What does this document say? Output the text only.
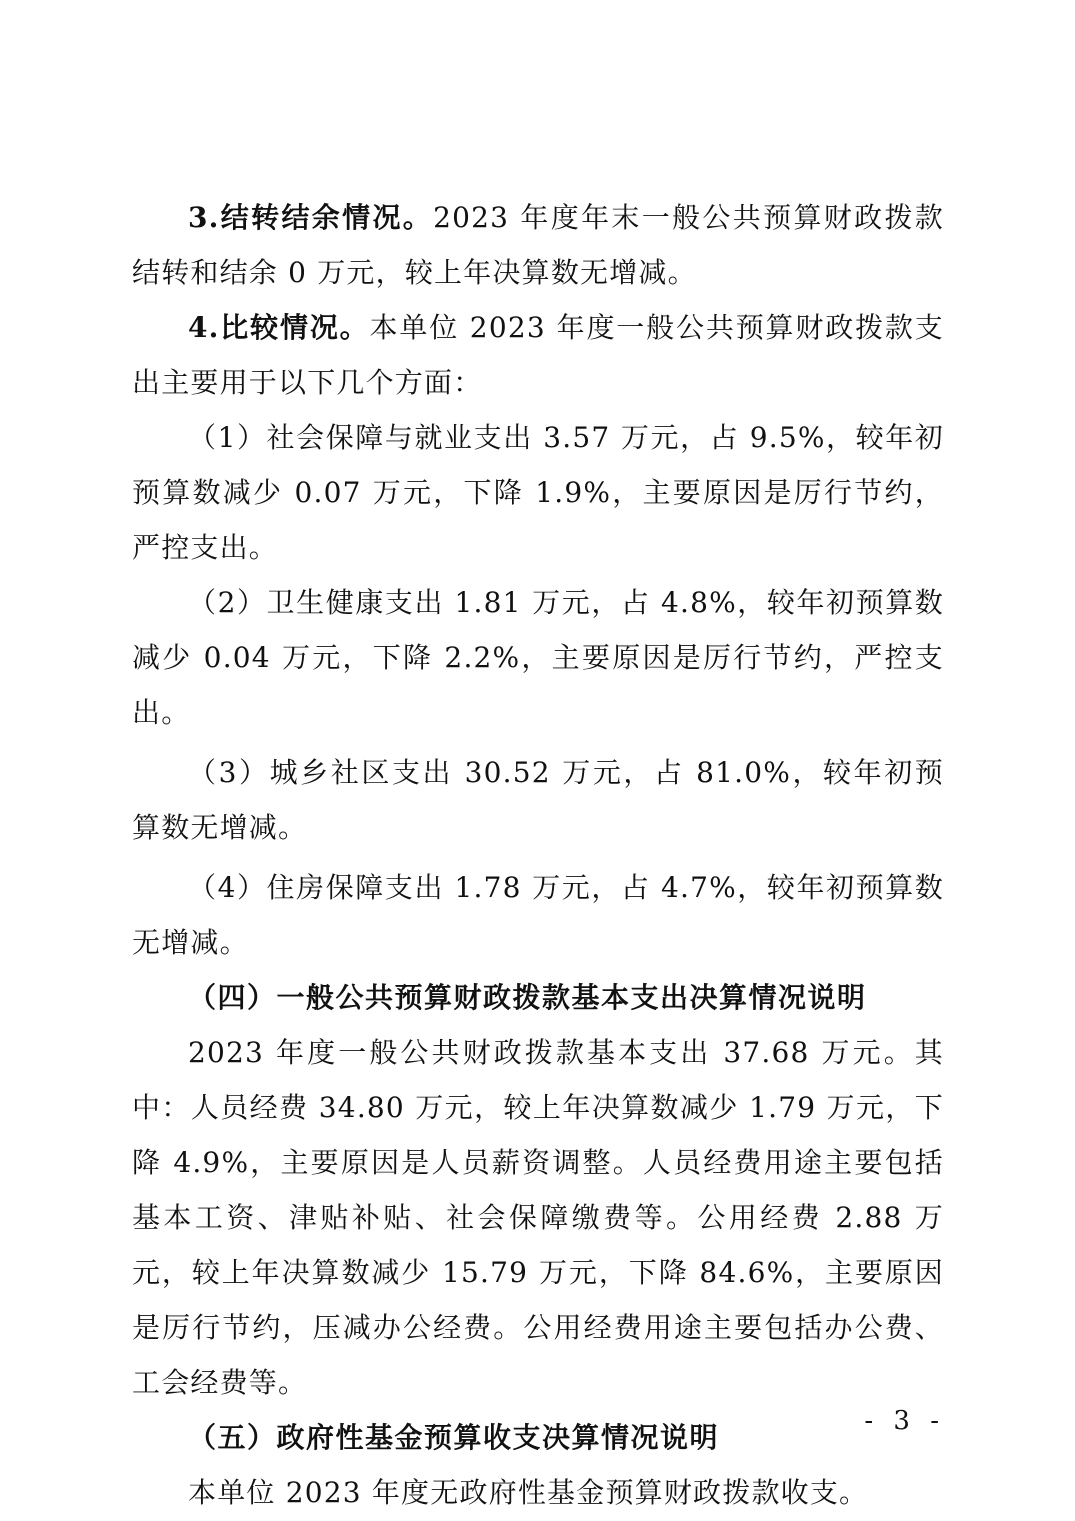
3.结转结余情况。2023 年度年末一般公共预算财政拨款结转和结余 0 万元，较上年决算数无增减。

4.比较情况。本单位 2023 年度一般公共预算财政拨款支出主要用于以下几个方面：

（1）社会保障与就业支出 3.57 万元，占 9.5%，较年初预算数减少 0.07 万元，下降 1.9%，主要原因是厉行节约，严控支出。

（2）卫生健康支出 1.81 万元，占 4.8%，较年初预算数减少 0.04 万元，下降 2.2%，主要原因是厉行节约，严控支出。

（3）城乡社区支出 30.52 万元，占 81.0%，较年初预算数无增减。

（4）住房保障支出 1.78 万元，占 4.7%，较年初预算数无增减。

（四）一般公共预算财政拨款基本支出决算情况说明

2023 年度一般公共财政拨款基本支出 37.68 万元。其中：人员经费 34.80 万元，较上年决算数减少 1.79 万元，下降 4.9%，主要原因是人员薪资调整。人员经费用途主要包括基本工资、津贴补贴、社会保障缴费等。公用经费 2.88 万元，较上年决算数减少 15.79 万元，下降 84.6%，主要原因是厉行节约，压减办公经费。公用经费用途主要包括办公费、工会经费等。

（五）政府性基金预算收支决算情况说明

本单位 2023 年度无政府性基金预算财政拨款收支。

- 3 -
